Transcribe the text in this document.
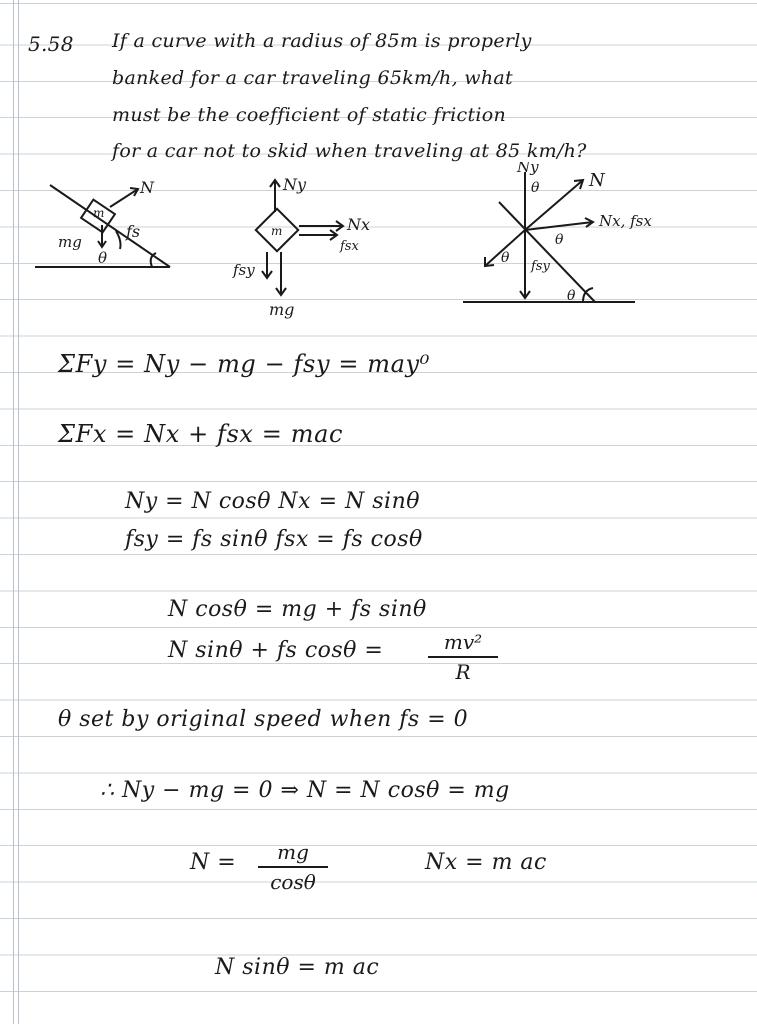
5.58 If a curve with a radius of 85m is properly
banked for a car traveling 65km/h, what
must be the coefficient of static friction
for a car not to skid when traveling at 85 km/h?
N
m
mg
fs
θ
Ny
m	Nx
fsx
fsy
mg
θ
Ny
N
θ
Nx, fsx
θ
fsy
θ
ΣFy = Ny − mg − fsy = may⁰
ΣFx = Nx + fsx = mac
Ny = N cosθ Nx = N sinθ
fsy = fs sinθ fsx = fs cosθ
N cosθ = mg + fs sinθ
N sinθ + fs cosθ =	mv²
R
θ set by original speed when fs = 0
∴ Ny − mg = 0 ⇒ N = N cosθ = mg
N =	mg
cosθ
Nx = m ac
N sinθ = m ac
